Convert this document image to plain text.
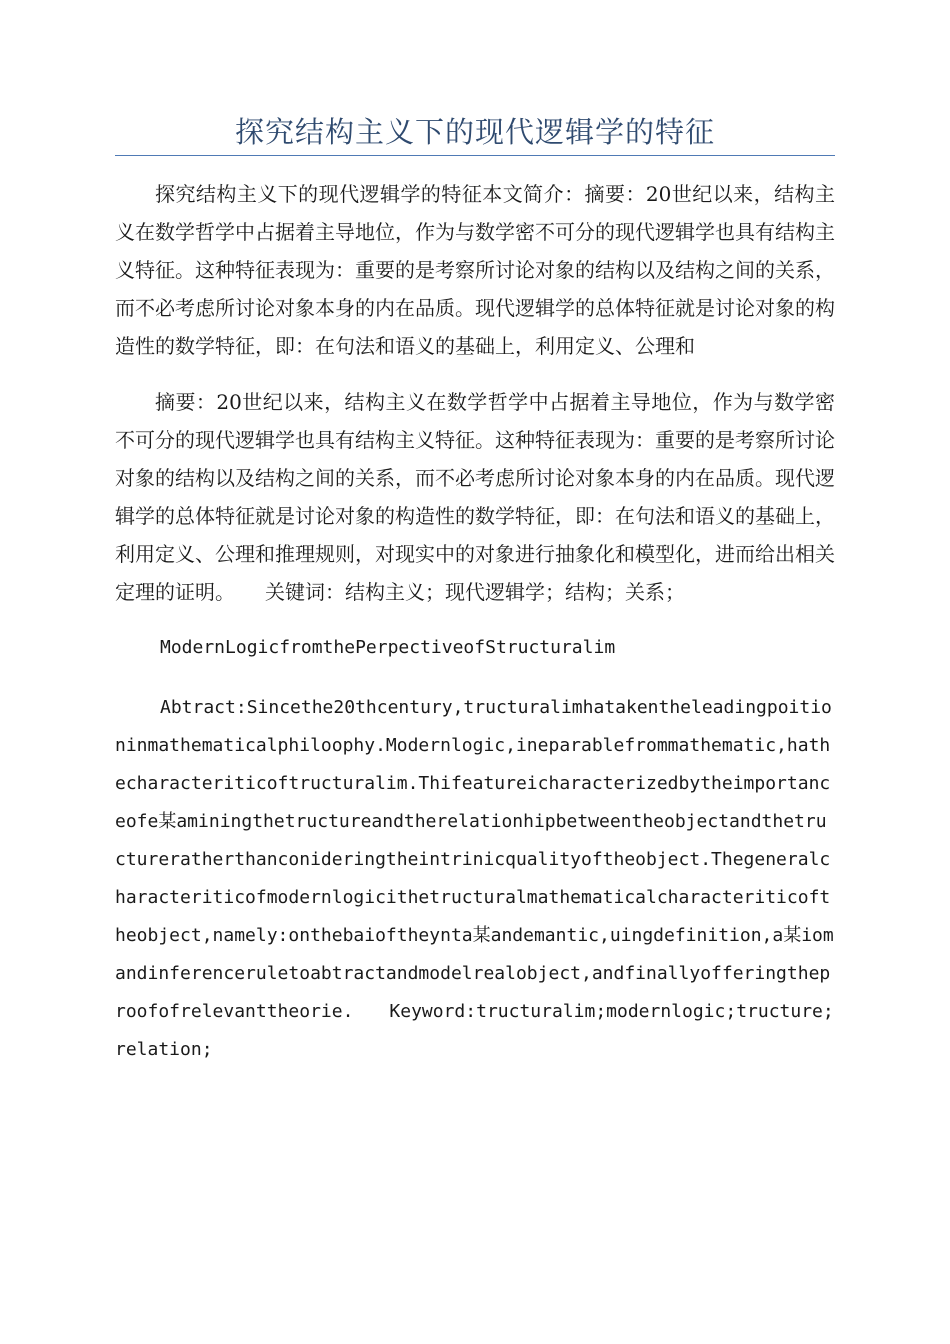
探究结构主义下的现代逻辑学的特征

探究结构主义下的现代逻辑学的特征本文简介：摘要：20世纪以来，结构主义在数学哲学中占据着主导地位，作为与数学密不可分的现代逻辑学也具有结构主义特征。这种特征表现为：重要的是考察所讨论对象的结构以及结构之间的关系，而不必考虑所讨论对象本身的内在品质。现代逻辑学的总体特征就是讨论对象的构造性的数学特征，即：在句法和语义的基础上，利用定义、公理和

摘要：20世纪以来，结构主义在数学哲学中占据着主导地位，作为与数学密不可分的现代逻辑学也具有结构主义特征。这种特征表现为：重要的是考察所讨论对象的结构以及结构之间的关系，而不必考虑所讨论对象本身的内在品质。现代逻辑学的总体特征就是讨论对象的构造性的数学特征，即：在句法和语义的基础上，利用定义、公理和推理规则，对现实中的对象进行抽象化和模型化，进而给出相关定理的证明。　　关键词：结构主义；现代逻辑学；结构；关系；

ModernLogicfromthePerpectiveofStructuralim

Abtract:Sincethe20thcentury,tructuralimhatakentheleadingpoitioninmathematicalphiloophy.Modernlogic,ineparablefrommathematic,hathecharacteriticoftructuralim.Thifeatureicharacterizedbytheimportanceofe某aminingthetructureandtherelationhipbetweentheobjectandthetructureratherthanconideringtheintrinicqualityoftheobject.Thegeneralcharacteriticofmodernlogicithetructuralmathematicalcharacteriticoftheobject,namely:onthebaioftheynta某andemantic,uingdefinition,a某iomandinferenceruletoabtractandmodelrealobject,andfinallyofferingtheproofofrelevanttheorie.　　Keyword:tructuralim;modernlogic;tructure;relation;
